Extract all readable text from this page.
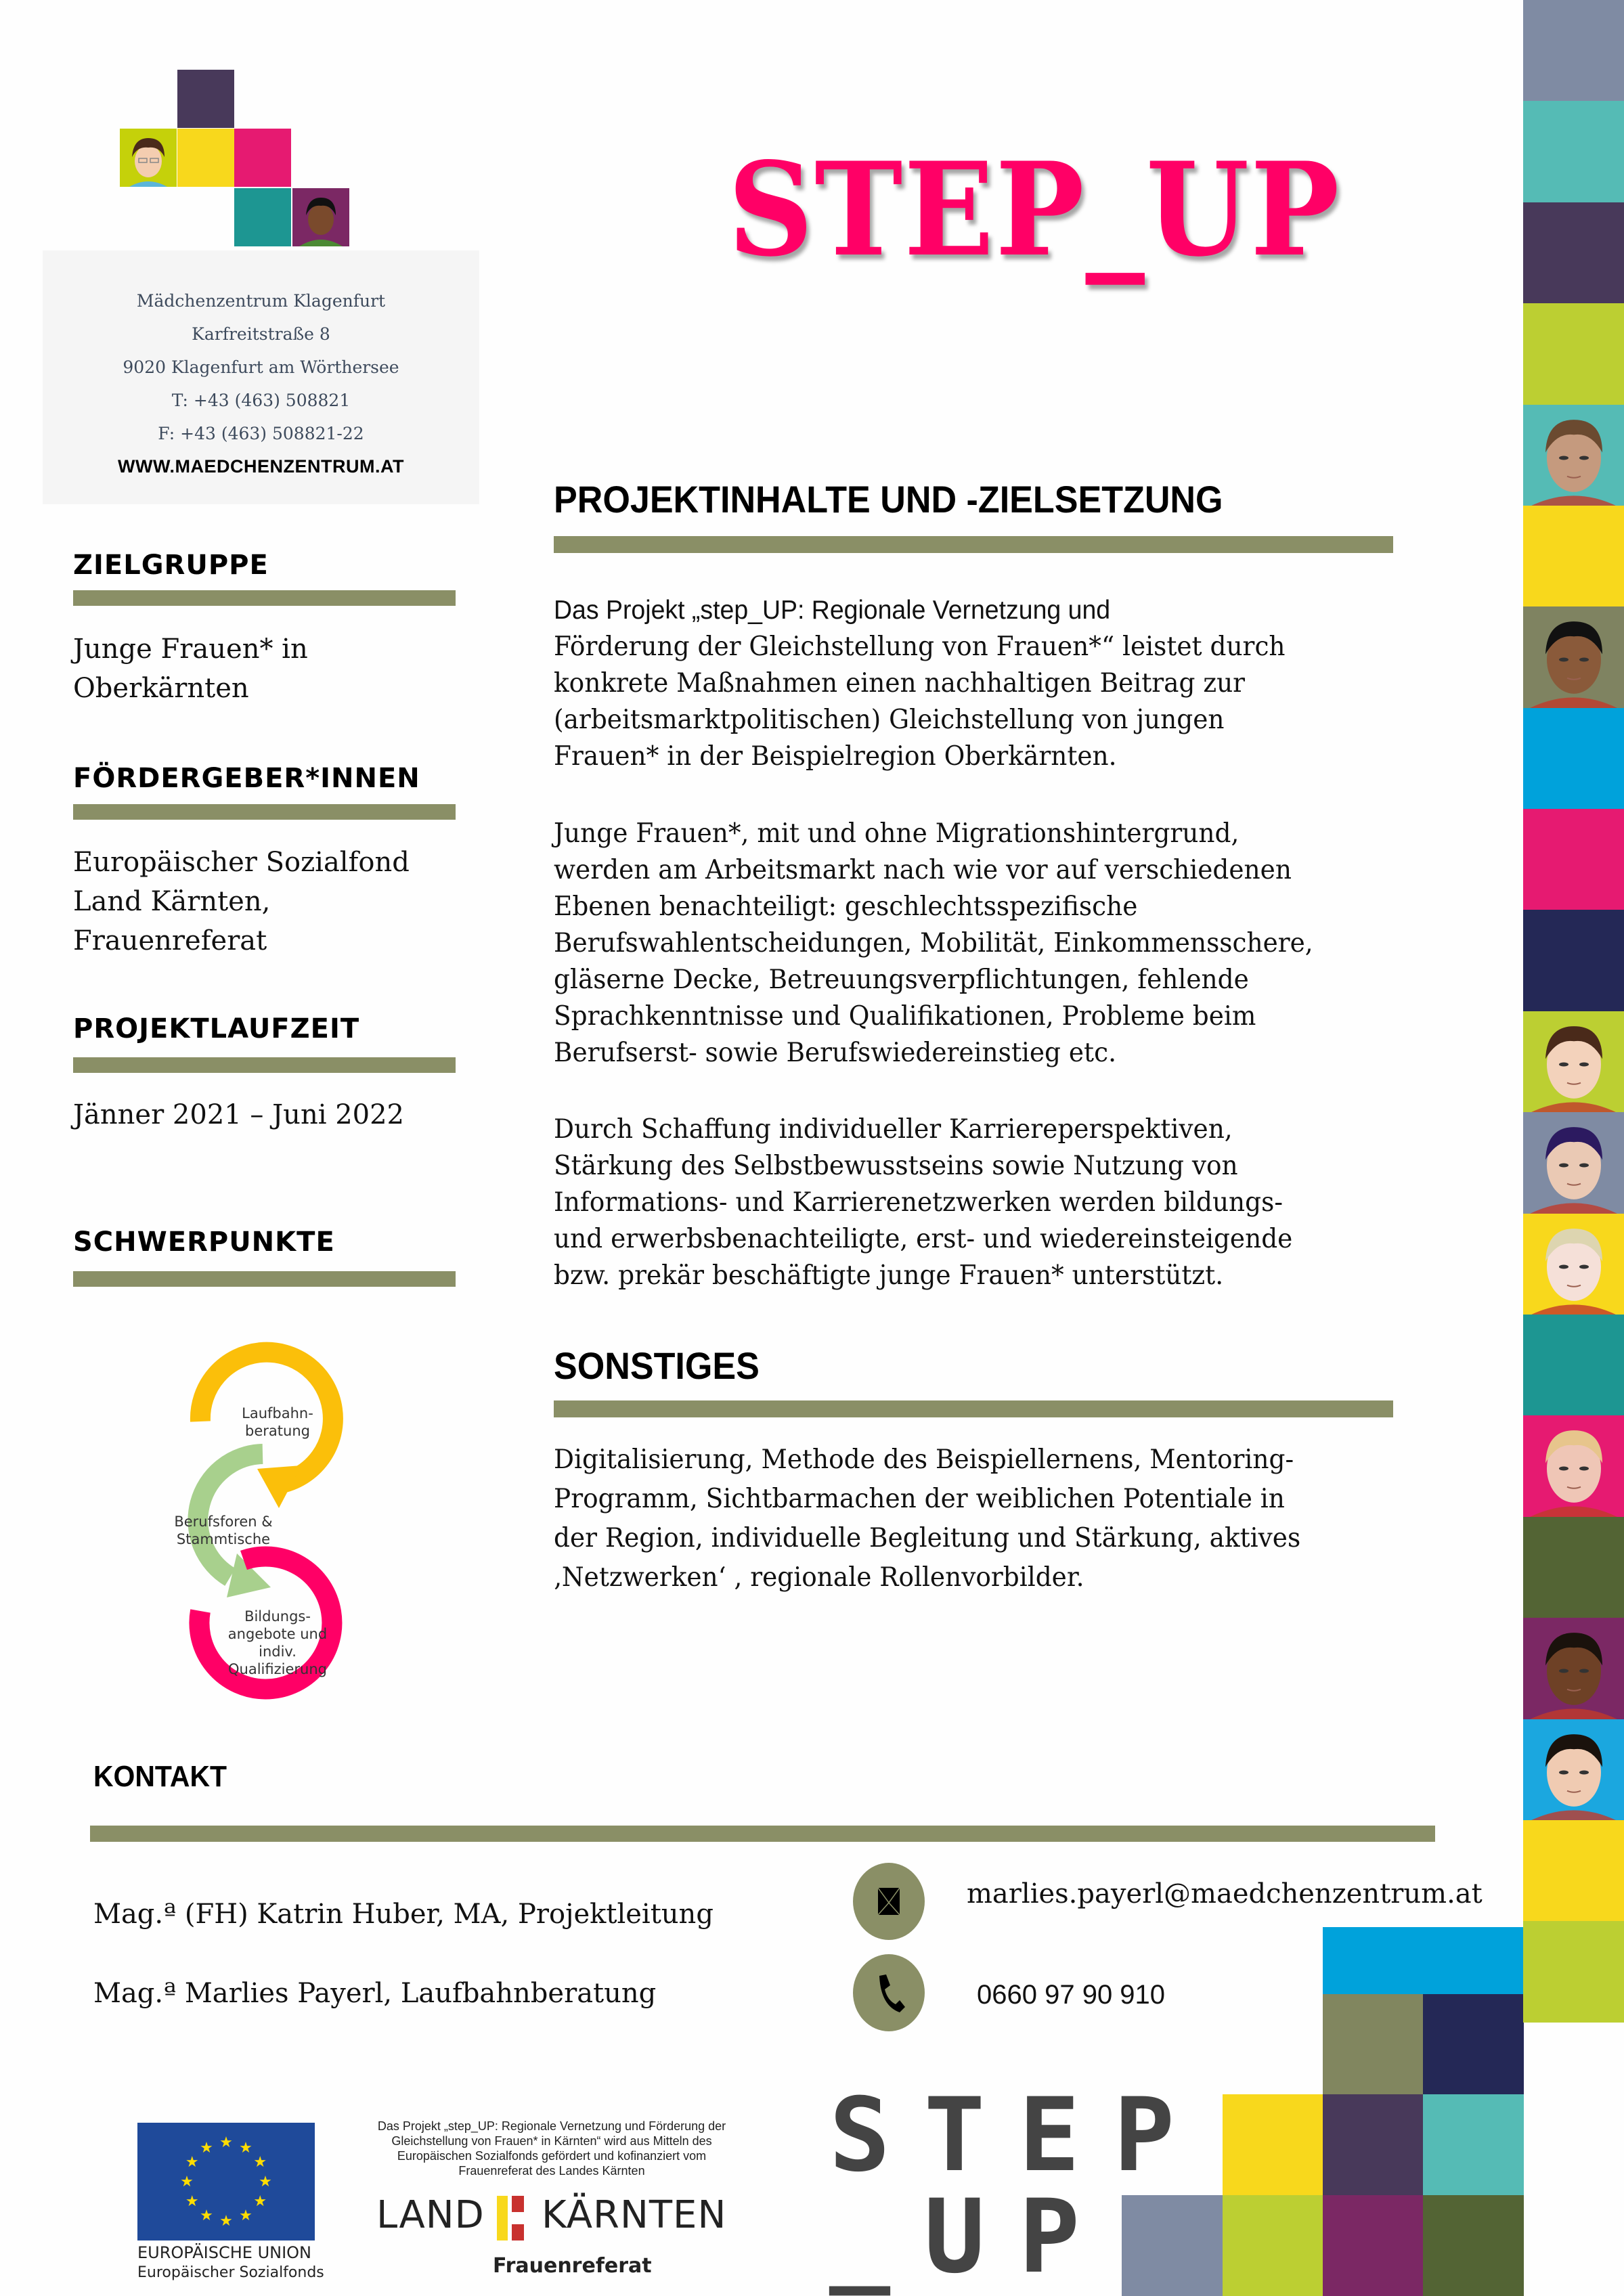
Mädchenzentrum Klagenfurt
Karfreitstraße 8
9020 Klagenfurt am Wörthersee
T: +43 (463) 508821
F: +43 (463) 508821-22
WWW.MAEDCHENZENTRUM.AT
STEP_UP
ZIELGRUPPE
Junge Frauen* in
Oberkärnten
FÖRDERGEBER*INNEN
Europäischer Sozialfond
Land Kärnten,
Frauenreferat
PROJEKTLAUFZEIT
Jänner 2021 – Juni 2022
SCHWERPUNKTE
Laufbahn-
beratung
Berufsforen &
Stammtische
Bildungs-
angebote und
indiv.
Qualifizierung
PROJEKTINHALTE UND -ZIELSETZUNG
Das Projekt „step_UP: Regionale Vernetzung und
Förderung der Gleichstellung von Frauen*“ leistet durch
konkrete Maßnahmen einen nachhaltigen Beitrag zur
(arbeitsmarktpolitischen) Gleichstellung von jungen
Frauen* in der Beispielregion Oberkärnten.
Junge Frauen*, mit und ohne Migrationshintergrund,
werden am Arbeitsmarkt nach wie vor auf verschiedenen
Ebenen benachteiligt: geschlechtsspezifische
Berufswahlentscheidungen, Mobilität, Einkommensschere,
gläserne Decke, Betreuungsverpflichtungen, fehlende
Sprachkenntnisse und Qualifikationen, Probleme beim
Berufserst- sowie Berufswiedereinstieg etc.
Durch Schaffung individueller Karriereperspektiven,
Stärkung des Selbstbewusstseins sowie Nutzung von
Informations- und Karrierenetzwerken werden bildungs-
und erwerbsbenachteiligte, erst- und wiedereinsteigende
bzw. prekär beschäftigte junge Frauen* unterstützt.
SONSTIGES
Digitalisierung, Methode des Beispiellernens, Mentoring-
Programm, Sichtbarmachen der weiblichen Potentiale in
der Region, individuelle Begleitung und Stärkung, aktives
‚Netzwerken‘ , regionale Rollenvorbilder.
KONTAKT
Mag.ª (FH) Katrin Huber, MA, Projektleitung
Mag.ª Marlies Payerl, Laufbahnberatung
marlies.payerl@maedchenzentrum.at
0660 97 90 910
★ ★
★
★
★
★
★
★
★
★
★
★
EUROPÄISCHE UNION
Europäischer Sozialfonds
Das Projekt „step_UP: Regionale Vernetzung und Förderung der
Gleichstellung von Frauen* in Kärnten“ wird aus Mitteln des
Europäischen Sozialfonds gefördert und kofinanziert vom
Frauenreferat des Landes Kärnten
LAND KÄRNTEN
Frauenreferat
S T E P
_ U P
